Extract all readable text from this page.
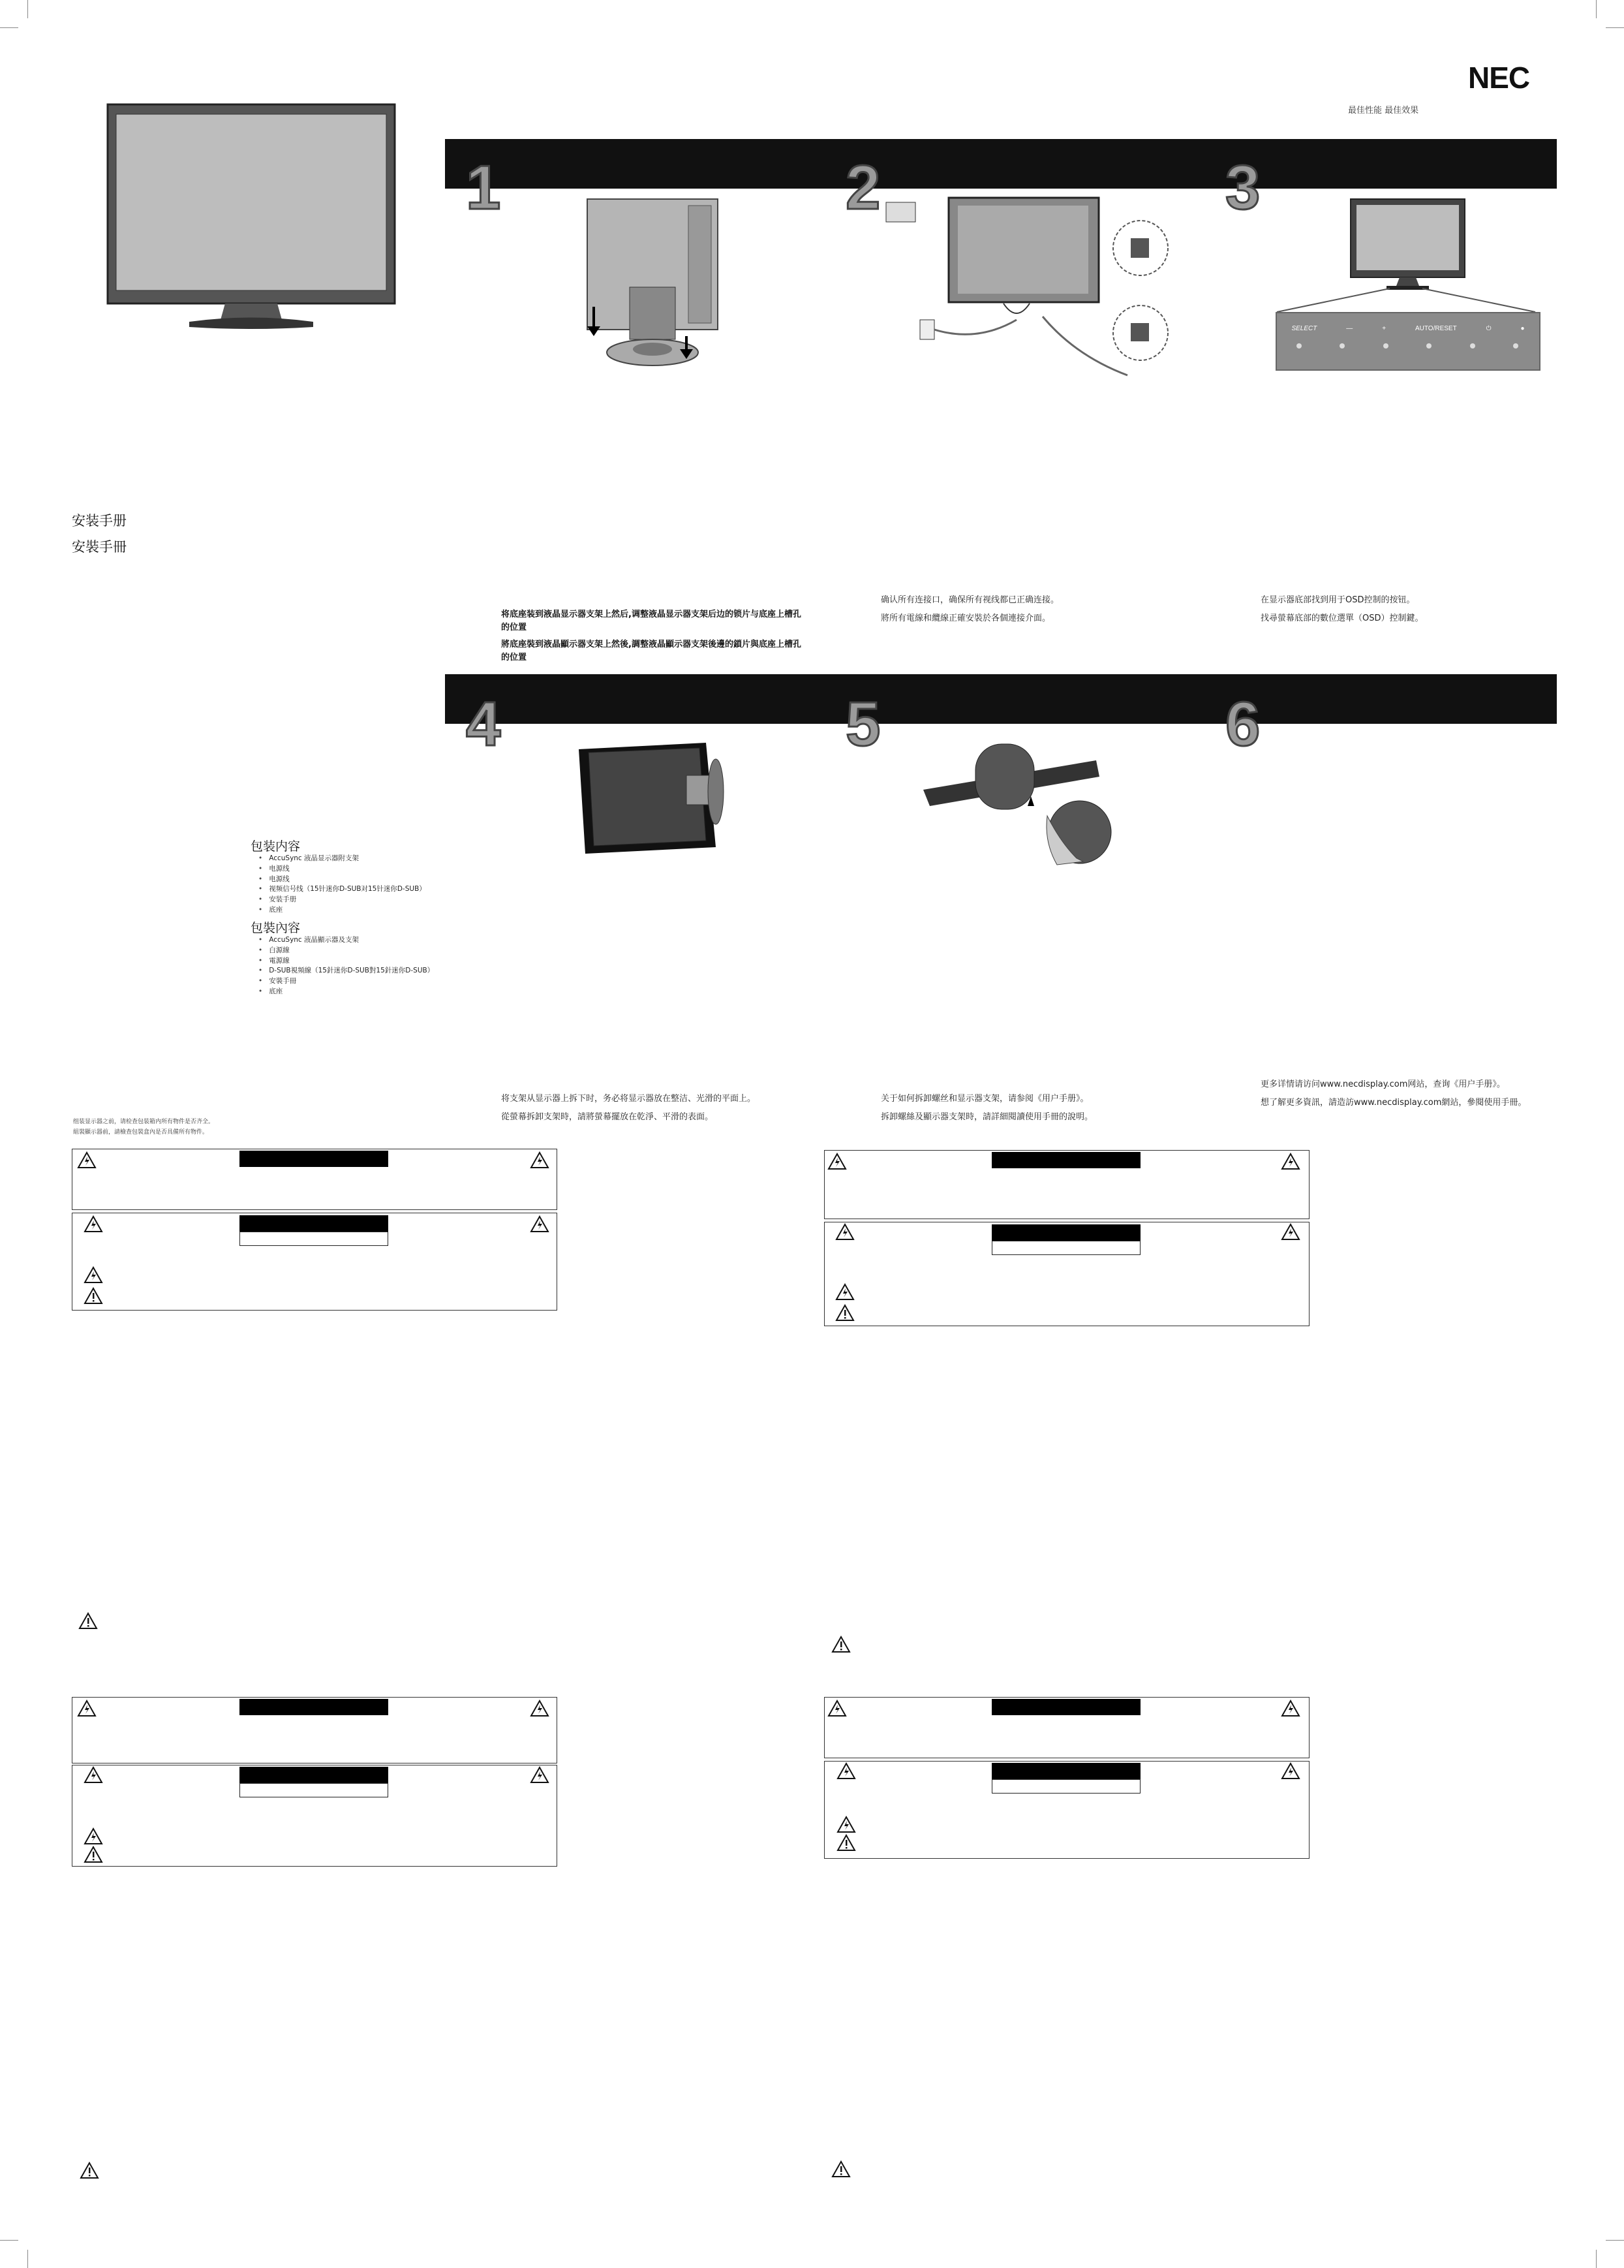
NEC
最佳性能 最佳效果
安装手册
安裝手冊
1	2	3
4	5	6
SELECT	—	+	AUTO/RESET	⏻	●
将底座装到液晶显示器支架上然后,调整液晶显示器支架后边的锁片与底座上槽孔的位置
將底座裝到液晶顯示器支架上然後,調整液晶顯示器支架後邊的鎖片與底座上槽孔的位置
确认所有连接口，确保所有视线都已正确连接。
將所有電線和纜線正確安裝於各個連接介面。
在显示器底部找到用于OSD控制的按钮。
找尋螢幕底部的數位選單（OSD）控制鍵。
将支架从显示器上拆下时，务必将显示器放在整洁、光滑的平面上。
從螢幕拆卸支架時，請將螢幕擺放在乾淨、平滑的表面。
关于如何拆卸螺丝和显示器支架，请参阅《用户手册》。
拆卸螺絲及顯示器支架時，請詳細閱讀使用手冊的說明。
更多详情请访问www.necdisplay.com网站，查询《用户手册》。
想了解更多資訊，請造訪www.necdisplay.com網站，參閱使用手冊。
包装内容
• AccuSync 液晶显示器附支架
• 电源线
• 电源线
• 视频信号线（15针迷你D-SUB对15针迷你D-SUB）
• 安装手册
• 底座
包裝內容
• AccuSync 液晶顯示器及支架
• 白源線
• 電源線
• D-SUB視頻線（15針迷你D-SUB對15針迷你D-SUB）
• 安裝手冊
• 底座
组装显示器之前，请检查包装箱内所有物件是否齐全。
組裝顯示器前，請檢查包裝盒內是否具備所有物件。
